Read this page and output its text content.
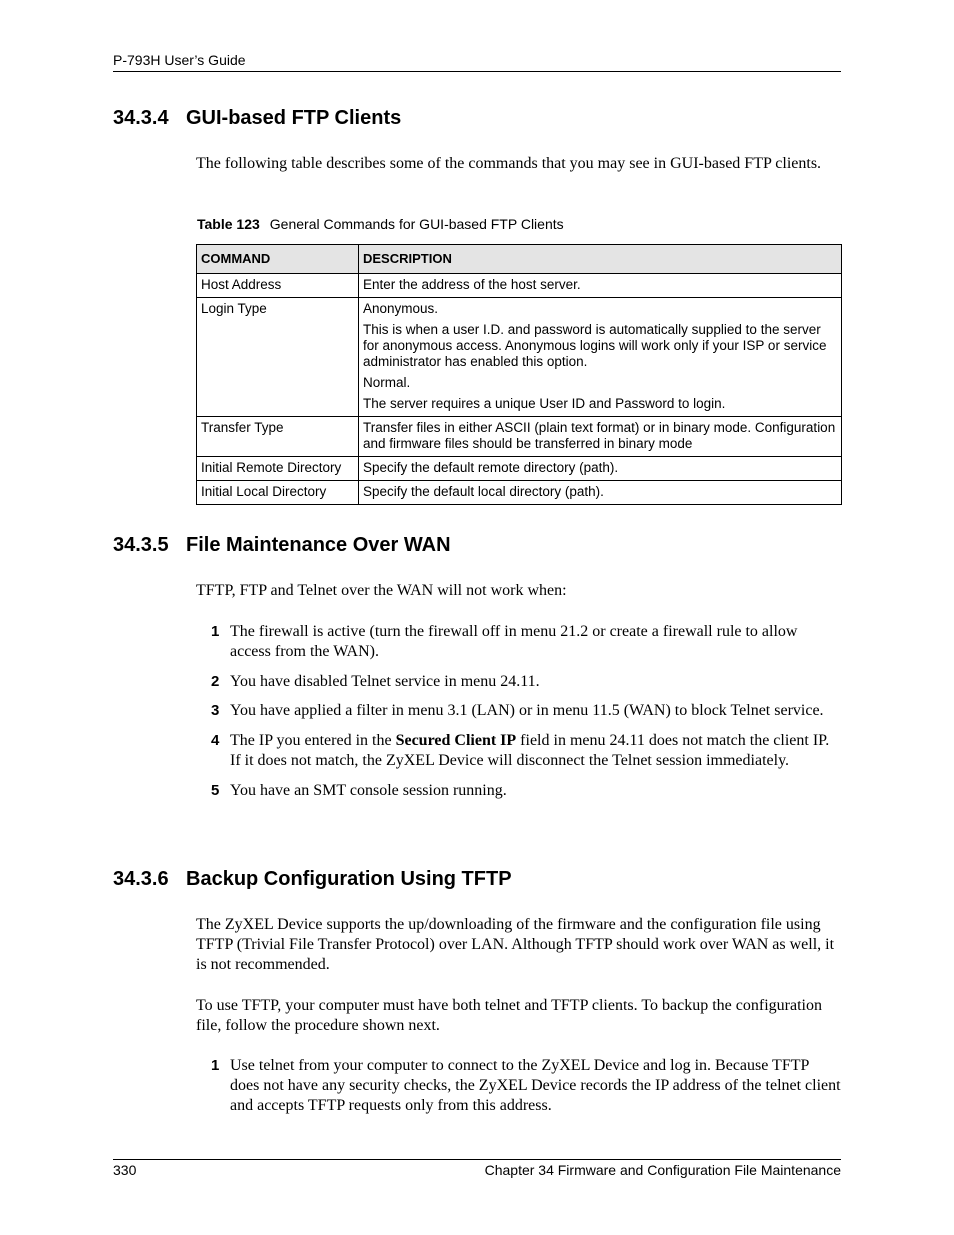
P-793H User’s Guide
34.3.4 GUI-based FTP Clients

The following table describes some of the commands that you may see in GUI-based FTP clients.

Table 123 General Commands for GUI-based FTP Clients
COMMAND	DESCRIPTION
Host Address	Enter the address of the host server.

Login Type	Anonymous.

This is when a user I.D. and password is automatically supplied to the server for anonymous access. Anonymous logins will work only if your ISP or service administrator has enabled this option.

Normal.

The server requires a unique User ID and Password to login.

Transfer Type	Transfer files in either ASCII (plain text format) or in binary mode. Configuration and firmware files should be transferred in binary mode

Initial Remote Directory	Specify the default remote directory (path).

Initial Local Directory	Specify the default local directory (path).

34.3.5 File Maintenance Over WAN

TFTP, FTP and Telnet over the WAN will not work when:

1 The firewall is active (turn the firewall off in menu 21.2 or create a firewall rule to allow access from the WAN).
2 You have disabled Telnet service in menu 24.11.
3 You have applied a filter in menu 3.1 (LAN) or in menu 11.5 (WAN) to block Telnet service.
4 The IP you entered in the Secured Client IP field in menu 24.11 does not match the client IP. If it does not match, the ZyXEL Device will disconnect the Telnet session immediately.
5 You have an SMT console session running.
34.3.6 Backup Configuration Using TFTP

The ZyXEL Device supports the up/downloading of the firmware and the configuration file using TFTP (Trivial File Transfer Protocol) over LAN. Although TFTP should work over WAN as well, it is not recommended.

To use TFTP, your computer must have both telnet and TFTP clients. To backup the configuration file, follow the procedure shown next.

1 Use telnet from your computer to connect to the ZyXEL Device and log in. Because TFTP does not have any security checks, the ZyXEL Device records the IP address of the telnet client and accepts TFTP requests only from this address.
330	Chapter 34 Firmware and Configuration File Maintenance
